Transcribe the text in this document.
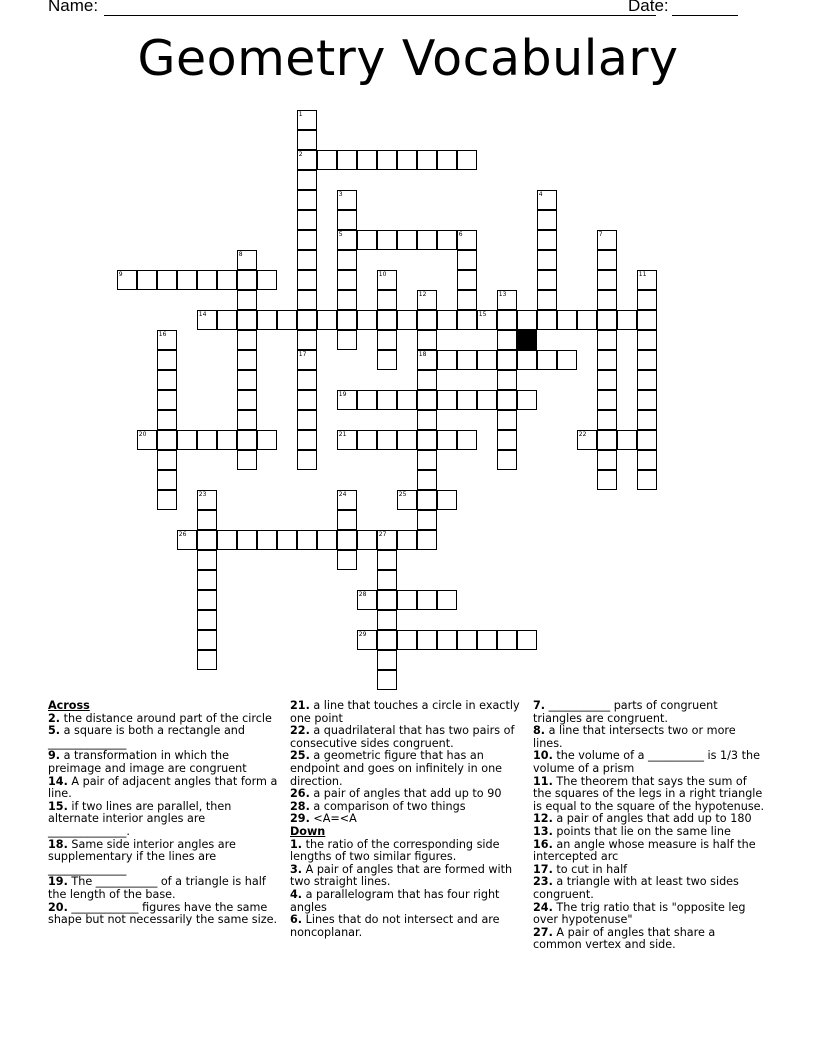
Name:	Date:
Geometry Vocabulary
1
2
3
5
4
6	7
8
9	10	11
12
18
13
14	15
16
17
19
20	21	22
23	24	25
26	27
28
29
Across
2. the distance around part of the circle
5. a square is both a rectangle and ______________
9. a transformation in which the preimage and image are congruent
14. A pair of adjacent angles that form a line.
15. if two lines are parallel, then alternate interior angles are ______________.
18. Same side interior angles are supplementary if the lines are ______________
19. The ___________ of a triangle is half the length of the base.
20. ____________ figures have the same shape but not necessarily the same size.
21. a line that touches a circle in exactly one point
22. a quadrilateral that has two pairs of consecutive sides congruent.
25. a geometric figure that has an endpoint and goes on infinitely in one direction.
26. a pair of angles that add up to 90
28. a comparison of two things
29. <A=<A
Down
1. the ratio of the corresponding side lengths of two similar figures.
3. A pair of angles that are formed with two straight lines.
4. a parallelogram that has four right angles
6. Lines that do not intersect and are noncoplanar.
7. ___________ parts of congruent triangles are congruent.
8. a line that intersects two or more lines.
10. the volume of a __________ is 1/3 the volume of a prism
11. The theorem that says the sum of the squares of the legs in a right triangle is equal to the square of the hypotenuse.
12. a pair of angles that add up to 180
13. points that lie on the same line
16. an angle whose measure is half the intercepted arc
17. to cut in half
23. a triangle with at least two sides congruent.
24. The trig ratio that is "opposite leg over hypotenuse"
27. A pair of angles that share a common vertex and side.
